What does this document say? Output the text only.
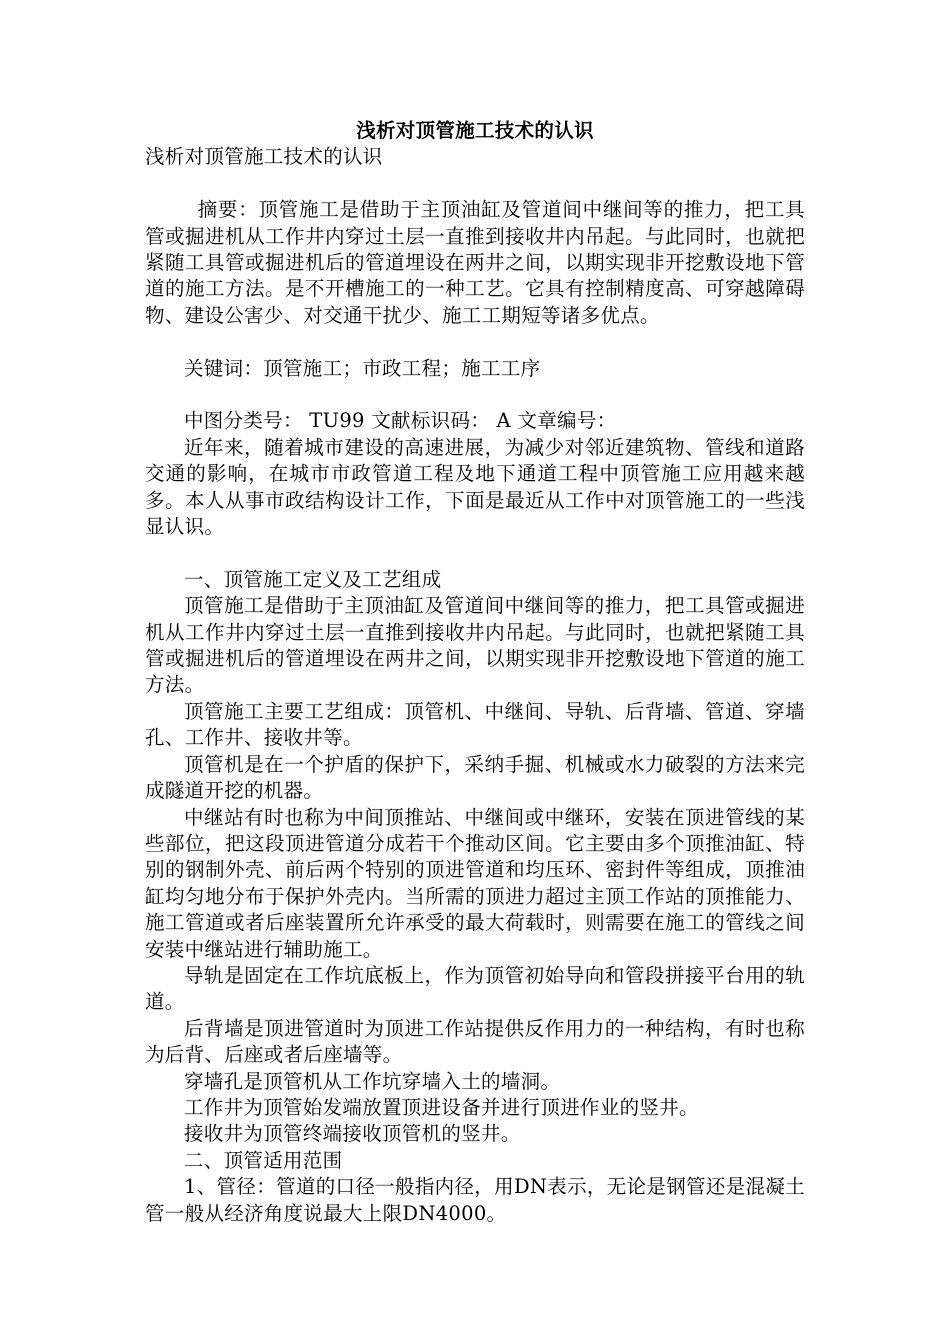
浅析对顶管施工技术的认识

浅析对顶管施工技术的认识

摘要：顶管施工是借助于主顶油缸及管道间中继间等的推力，把工具管或掘进机从工作井内穿过土层一直推到接收井内吊起。与此同时，也就把紧随工具管或掘进机后的管道埋设在两井之间，以期实现非开挖敷设地下管道的施工方法。是不开槽施工的一种工艺。它具有控制精度高、可穿越障碍物、建设公害少、对交通干扰少、施工工期短等诸多优点。

关键词：顶管施工；市政工程；施工工序

中图分类号： TU99 文献标识码： A 文章编号：

近年来，随着城市建设的高速进展，为减少对邻近建筑物、管线和道路交通的影响，在城市市政管道工程及地下通道工程中顶管施工应用越来越多。本人从事市政结构设计工作，下面是最近从工作中对顶管施工的一些浅显认识。

一、顶管施工定义及工艺组成

顶管施工是借助于主顶油缸及管道间中继间等的推力，把工具管或掘进机从工作井内穿过土层一直推到接收井内吊起。与此同时，也就把紧随工具管或掘进机后的管道埋设在两井之间，以期实现非开挖敷设地下管道的施工方法。

顶管施工主要工艺组成：顶管机、中继间、导轨、后背墙、管道、穿墙孔、工作井、接收井等。

顶管机是在一个护盾的保护下，采纳手掘、机械或水力破裂的方法来完成隧道开挖的机器。

中继站有时也称为中间顶推站、中继间或中继环，安装在顶进管线的某些部位，把这段顶进管道分成若干个推动区间。它主要由多个顶推油缸、特别的钢制外壳、前后两个特别的顶进管道和均压环、密封件等组成，顶推油缸均匀地分布于保护外壳内。当所需的顶进力超过主顶工作站的顶推能力、施工管道或者后座装置所允许承受的最大荷载时，则需要在施工的管线之间安装中继站进行辅助施工。

导轨是固定在工作坑底板上，作为顶管初始导向和管段拼接平台用的轨道。

后背墙是顶进管道时为顶进工作站提供反作用力的一种结构，有时也称为后背、后座或者后座墙等。

穿墙孔是顶管机从工作坑穿墙入土的墙洞。

工作井为顶管始发端放置顶进设备并进行顶进作业的竖井。

接收井为顶管终端接收顶管机的竖井。

二、顶管适用范围

1、管径：管道的口径一般指内径，用DN表示，无论是钢管还是混凝土管一般从经济角度说最大上限DN4000。
